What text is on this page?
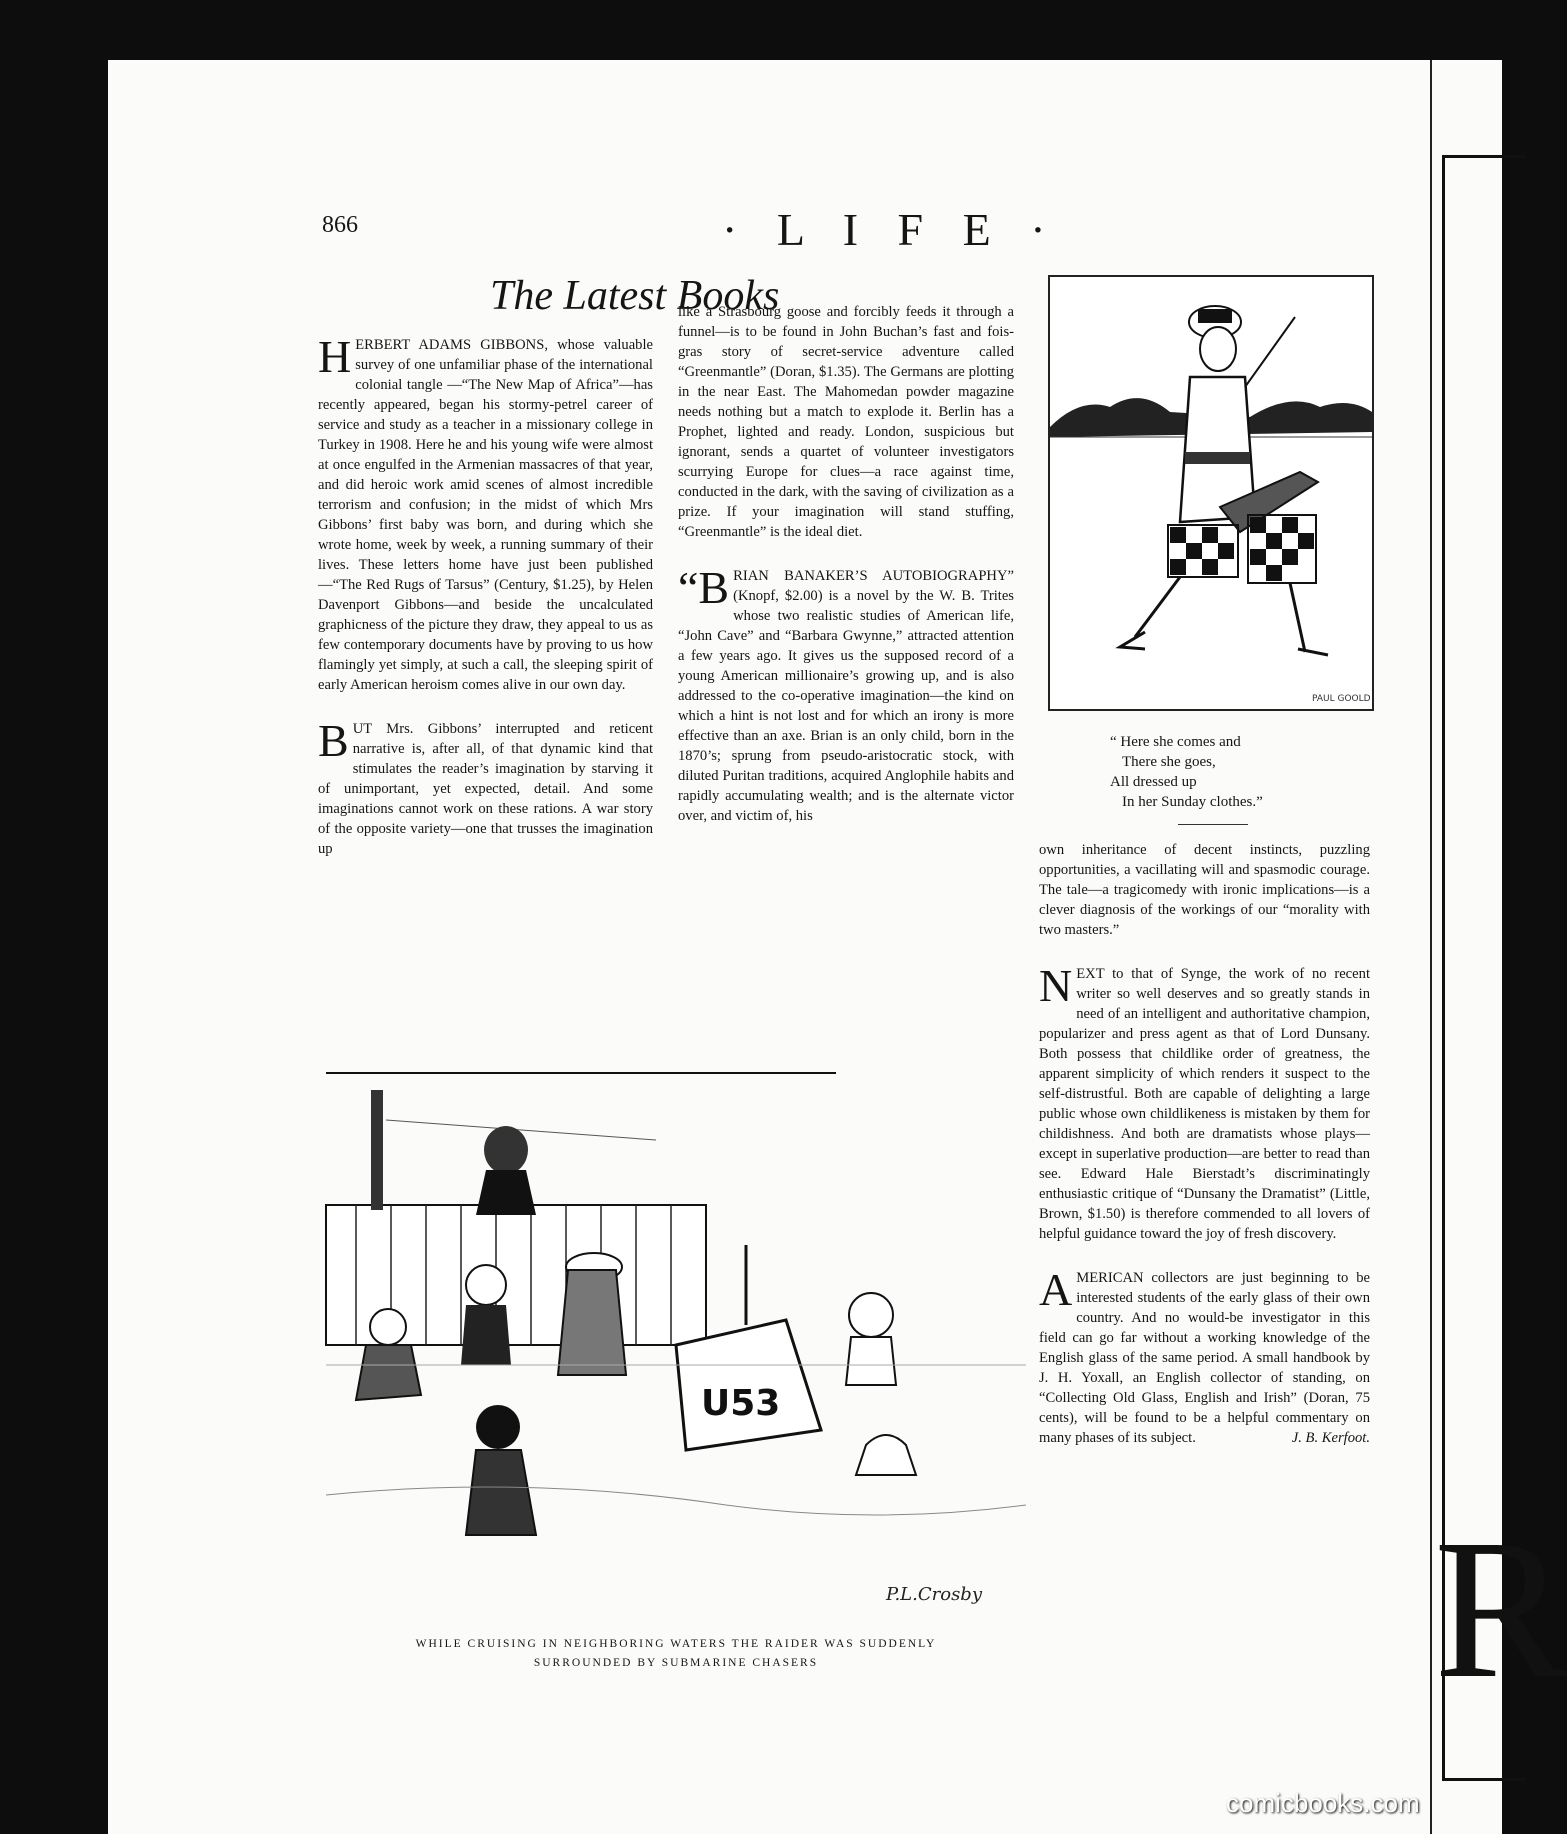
R
866	· L I F E ·
The Latest Books

HERBERT ADAMS GIBBONS, whose valuable survey of one unfamiliar phase of the international colonial tangle —“The New Map of Africa”—has recently appeared, began his stormy-petrel career of service and study as a teacher in a missionary college in Turkey in 1908. Here he and his young wife were almost at once engulfed in the Armenian massacres of that year, and did heroic work amid scenes of almost incredible terrorism and confusion; in the midst of which Mrs Gibbons’ first baby was born, and during which she wrote home, week by week, a running summary of their lives. These letters home have just been published—“The Red Rugs of Tarsus” (Century, $1.25), by Helen Davenport Gibbons—and beside the uncalculated graphicness of the picture they draw, they appeal to us as few contemporary documents have by proving to us how flamingly yet simply, at such a call, the sleeping spirit of early American heroism comes alive in our own day.

BUT Mrs. Gibbons’ interrupted and reticent narrative is, after all, of that dynamic kind that stimulates the reader’s imagination by starving it of unimportant, yet expected, detail. And some imaginations cannot work on these rations. A war story of the opposite variety—one that trusses the imagination up

like a Strasbourg goose and forcibly feeds it through a funnel—is to be found in John Buchan’s fast and fois-gras story of secret-service adventure called “Greenmantle” (Doran, $1.35). The Germans are plotting in the near East. The Mahomedan powder magazine needs nothing but a match to explode it. Berlin has a Prophet, lighted and ready. London, suspicious but ignorant, sends a quartet of volunteer investigators scurrying Europe for clues—a race against time, conducted in the dark, with the saving of civilization as a prize. If your imagination will stand stuffing, “Greenmantle” is the ideal diet.

“BRIAN BANAKER’S AUTOBIOGRAPHY” (Knopf, $2.00) is a novel by the W. B. Trites whose two realistic studies of American life, “John Cave” and “Barbara Gwynne,” attracted attention a few years ago. It gives us the supposed record of a young American millionaire’s growing up, and is also addressed to the co-operative imagination—the kind on which a hint is not lost and for which an irony is more effective than an axe. Brian is an only child, born in the 1870’s; sprung from pseudo-aristocratic stock, with diluted Puritan traditions, acquired Anglophile habits and rapidly accumulating wealth; and is the alternate victor over, and victim of, his

PAUL GOOLD
“ Here she comes and
There she goes,
All dressed up
In her Sunday clothes.”

own inheritance of decent instincts, puzzling opportunities, a vacillating will and spasmodic courage. The tale—a tragicomedy with ironic implications—is a clever diagnosis of the workings of our “morality with two masters.”

NEXT to that of Synge, the work of no recent writer so well deserves and so greatly stands in need of an intelligent and authoritative champion, popularizer and press agent as that of Lord Dunsany. Both possess that childlike order of greatness, the apparent simplicity of which renders it suspect to the self-distrustful. Both are capable of delighting a large public whose own childlikeness is mistaken by them for childishness. And both are dramatists whose plays—except in superlative production—are better to read than see. Edward Hale Bierstadt’s discriminatingly enthusiastic critique of “Dunsany the Dramatist” (Little, Brown, $1.50) is therefore commended to all lovers of helpful guidance toward the joy of fresh discovery.

AMERICAN collectors are just beginning to be interested students of the early glass of their own country. And no would-be investigator in this field can go far without a working knowledge of the English glass of the same period. A small handbook by J. H. Yoxall, an English collector of standing, on “Collecting Old Glass, English and Irish” (Doran, 75 cents), will be found to be a helpful commentary on many phases of its subject.	J. B. Kerfoot.

U53
P.L.Crosby
WHILE CRUISING IN NEIGHBORING WATERS THE RAIDER WAS SUDDENLY
SURROUNDED BY SUBMARINE CHASERS
comicbooks.com
